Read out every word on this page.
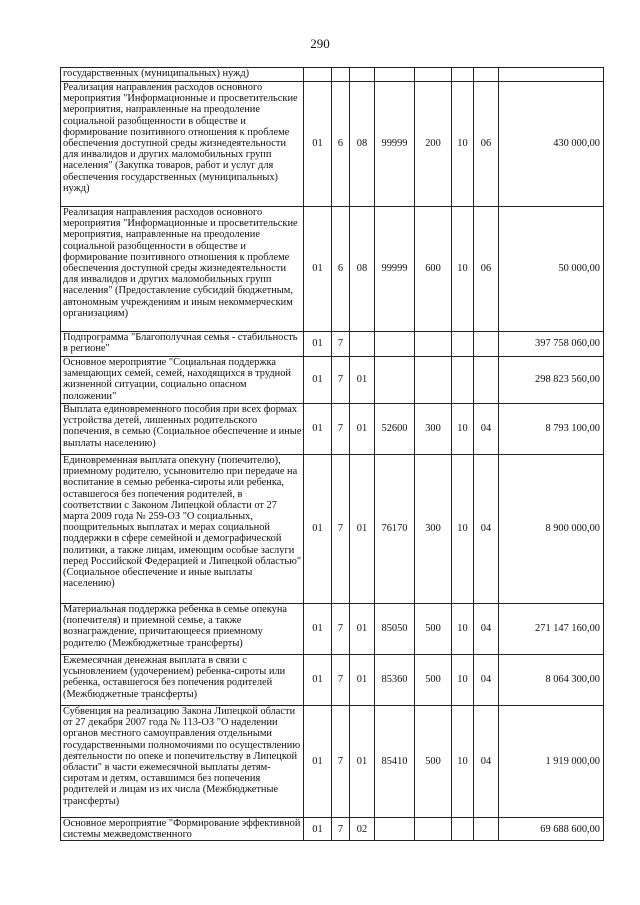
290
государственных (муниципальных) нужд)								
Реализация направления расходов основного мероприятия "Информационные и просветительские мероприятия, направленные на преодоление социальной разобщенности в обществе и формирование позитивного отношения к проблеме обеспечения доступной среды жизнедеятельности для инвалидов и других маломобильных групп населения" (Закупка товаров, работ и услуг для обеспечения государственных (муниципальных) нужд)	01	6	08	99999	200	10	06	430 000,00
Реализация направления расходов основного мероприятия "Информационные и просветительские мероприятия, направленные на преодоление социальной разобщенности в обществе и формирование позитивного отношения к проблеме обеспечения доступной среды жизнедеятельности для инвалидов и других маломобильных групп населения" (Предоставление субсидий бюджетным, автономным учреждениям и иным некоммерческим организациям)	01	6	08	99999	600	10	06	50 000,00
Подпрограмма "Благополучная семья - стабильность в регионе"	01	7						397 758 060,00
Основное мероприятие "Социальная поддержка замещающих семей, семей, находящихся в трудной жизненной ситуации, социально опасном положении"	01	7	01					298 823 560,00
Выплата единовременного пособия при всех формах устройства детей, лишенных родительского попечения, в семью (Социальное обеспечение и иные выплаты населению)	01	7	01	52600	300	10	04	8 793 100,00
Единовременная выплата опекуну (попечителю), приемному родителю, усыновителю при передаче на воспитание в семью ребенка-сироты или ребенка, оставшегося без попечения родителей, в соответствии с Законом Липецкой области от 27 марта 2009 года № 259-ОЗ "О социальных, поощрительных выплатах и мерах социальной поддержки в сфере семейной и демографической политики, а также лицам, имеющим особые заслуги перед Российской Федерацией и Липецкой областью" (Социальное обеспечение и иные выплаты населению)	01	7	01	76170	300	10	04	8 900 000,00
Материальная поддержка ребенка в семье опекуна (попечителя) и приемной семье, а также вознаграждение, причитающееся приемному родителю (Межбюджетные трансферты)	01	7	01	85050	500	10	04	271 147 160,00
Ежемесячная денежная выплата в связи с усыновлением (удочерением) ребенка-сироты или ребенка, оставшегося без попечения родителей (Межбюджетные трансферты)	01	7	01	85360	500	10	04	8 064 300,00
Субвенция на реализацию Закона Липецкой области от 27 декабря 2007 года № 113-ОЗ "О наделении органов местного самоуправления отдельными государственными полномочиями по осуществлению деятельности по опеке и попечительству в Липецкой области" в части ежемесячной выплаты детям-сиротам и детям, оставшимся без попечения родителей и лицам из их числа (Межбюджетные трансферты)	01	7	01	85410	500	10	04	1 919 000,00
Основное мероприятие "Формирование эффективной системы межведомственного	01	7	02					69 688 600,00
